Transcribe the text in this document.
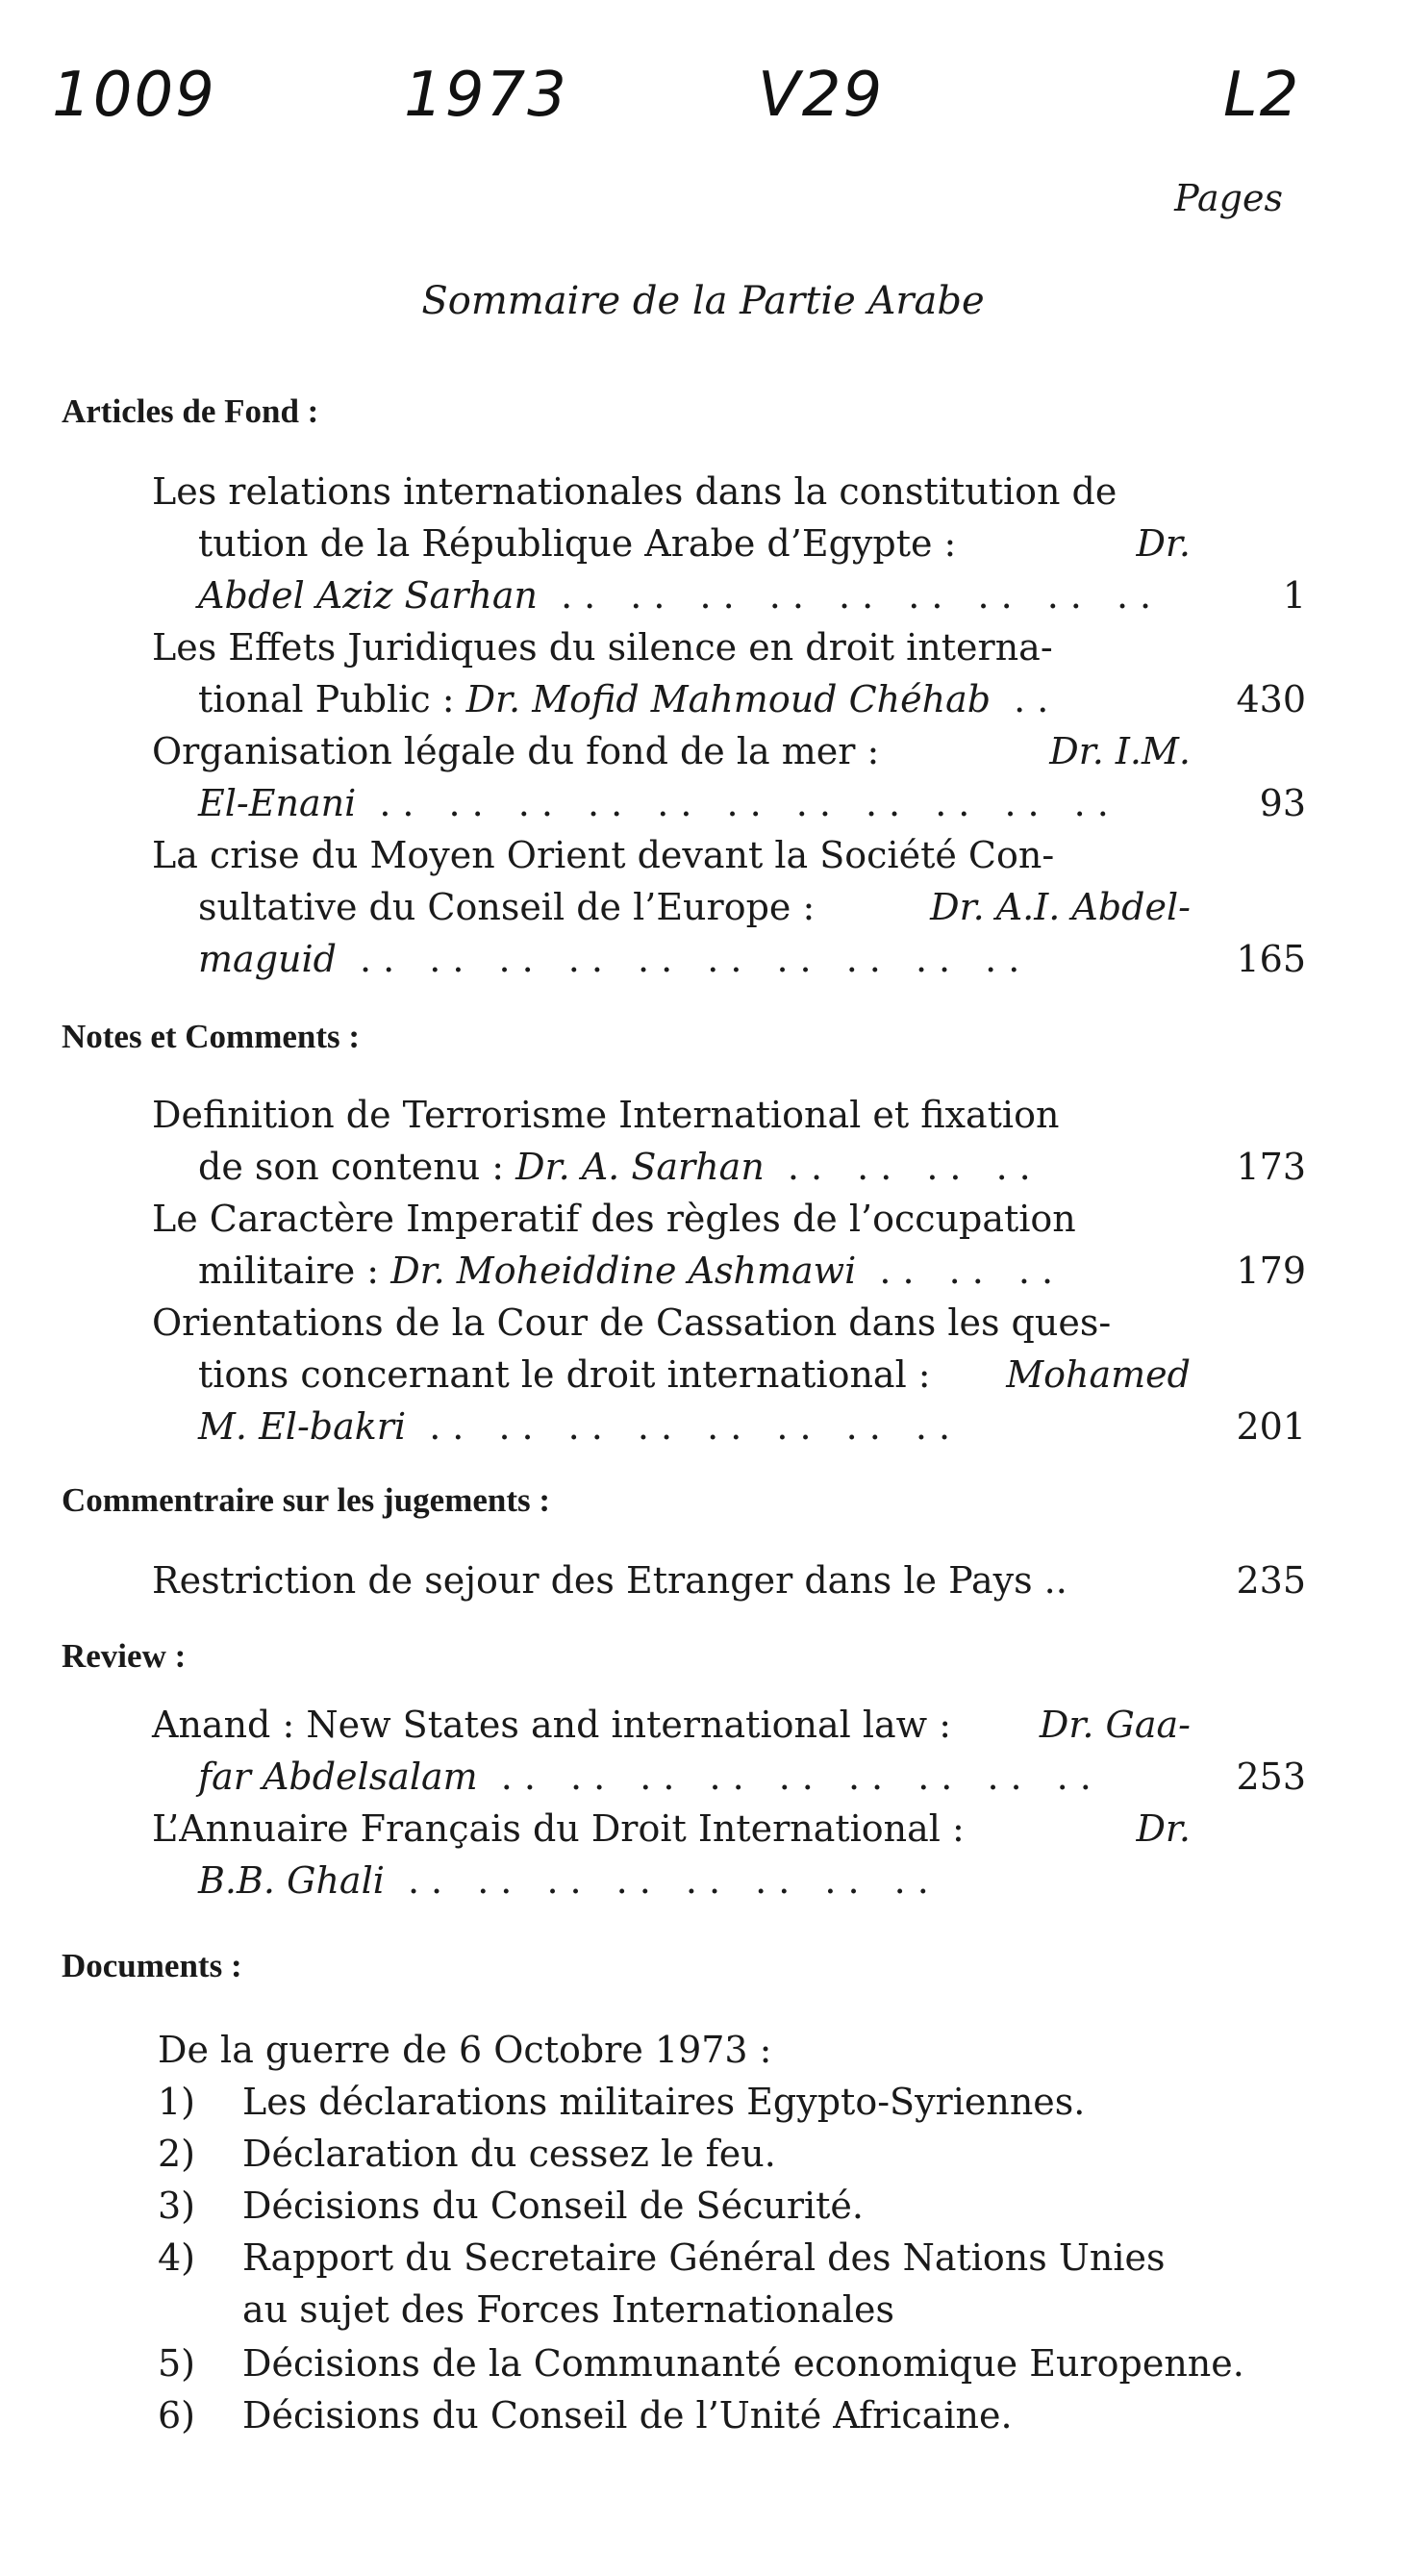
1009	1973	V29	L2
Pages
Sommaire de la Partie Arabe
Articles de Fond :
Les relations internationales dans la constitution de
tution de la République Arabe d’Egypte :	Dr.
Abdel Aziz Sarhan .. .. .. .. .. .. .. .. ..	1
Les Effets Juridiques du silence en droit interna-
tional Public : Dr. Mofid Mahmoud Chéhab ..	430
Organisation légale du fond de la mer :	Dr. I.M.
El-Enani .. .. .. .. .. .. .. .. .. .. ..	93
La crise du Moyen Orient devant la Société Con-
sultative du Conseil de l’Europe :	Dr. A.I. Abdel-
maguid .. .. .. .. .. .. .. .. .. ..	165
Notes et Comments :
Definition de Terrorisme International et fixation
de son contenu : Dr. A. Sarhan .. .. .. ..	173
Le Caractère Imperatif des règles de l’occupation
militaire : Dr. Moheiddine Ashmawi .. .. ..	179
Orientations de la Cour de Cassation dans les ques-
tions concernant le droit international : Mohamed
M. El-bakri .. .. .. .. .. .. .. ..	201
Commentraire sur les jugements :
Restriction de sejour des Etranger dans le Pays ..	235
Review :
Anand : New States and international law : Dr. Gaa-
far Abdelsalam .. .. .. .. .. .. .. .. ..	253
L’Annuaire Français du Droit International :	Dr.
B.B. Ghali .. .. .. .. .. .. .. ..
Documents :
De la guerre de 6 Octobre 1973 :
1) Les déclarations militaires Egypto-Syriennes.
2) Déclaration du cessez le feu.
3) Décisions du Conseil de Sécurité.
4) Rapport du Secretaire Général des Nations Unies
au sujet des Forces Internationales
5) Décisions de la Communanté economique Europenne.
6) Décisions du Conseil de l’Unité Africaine.
